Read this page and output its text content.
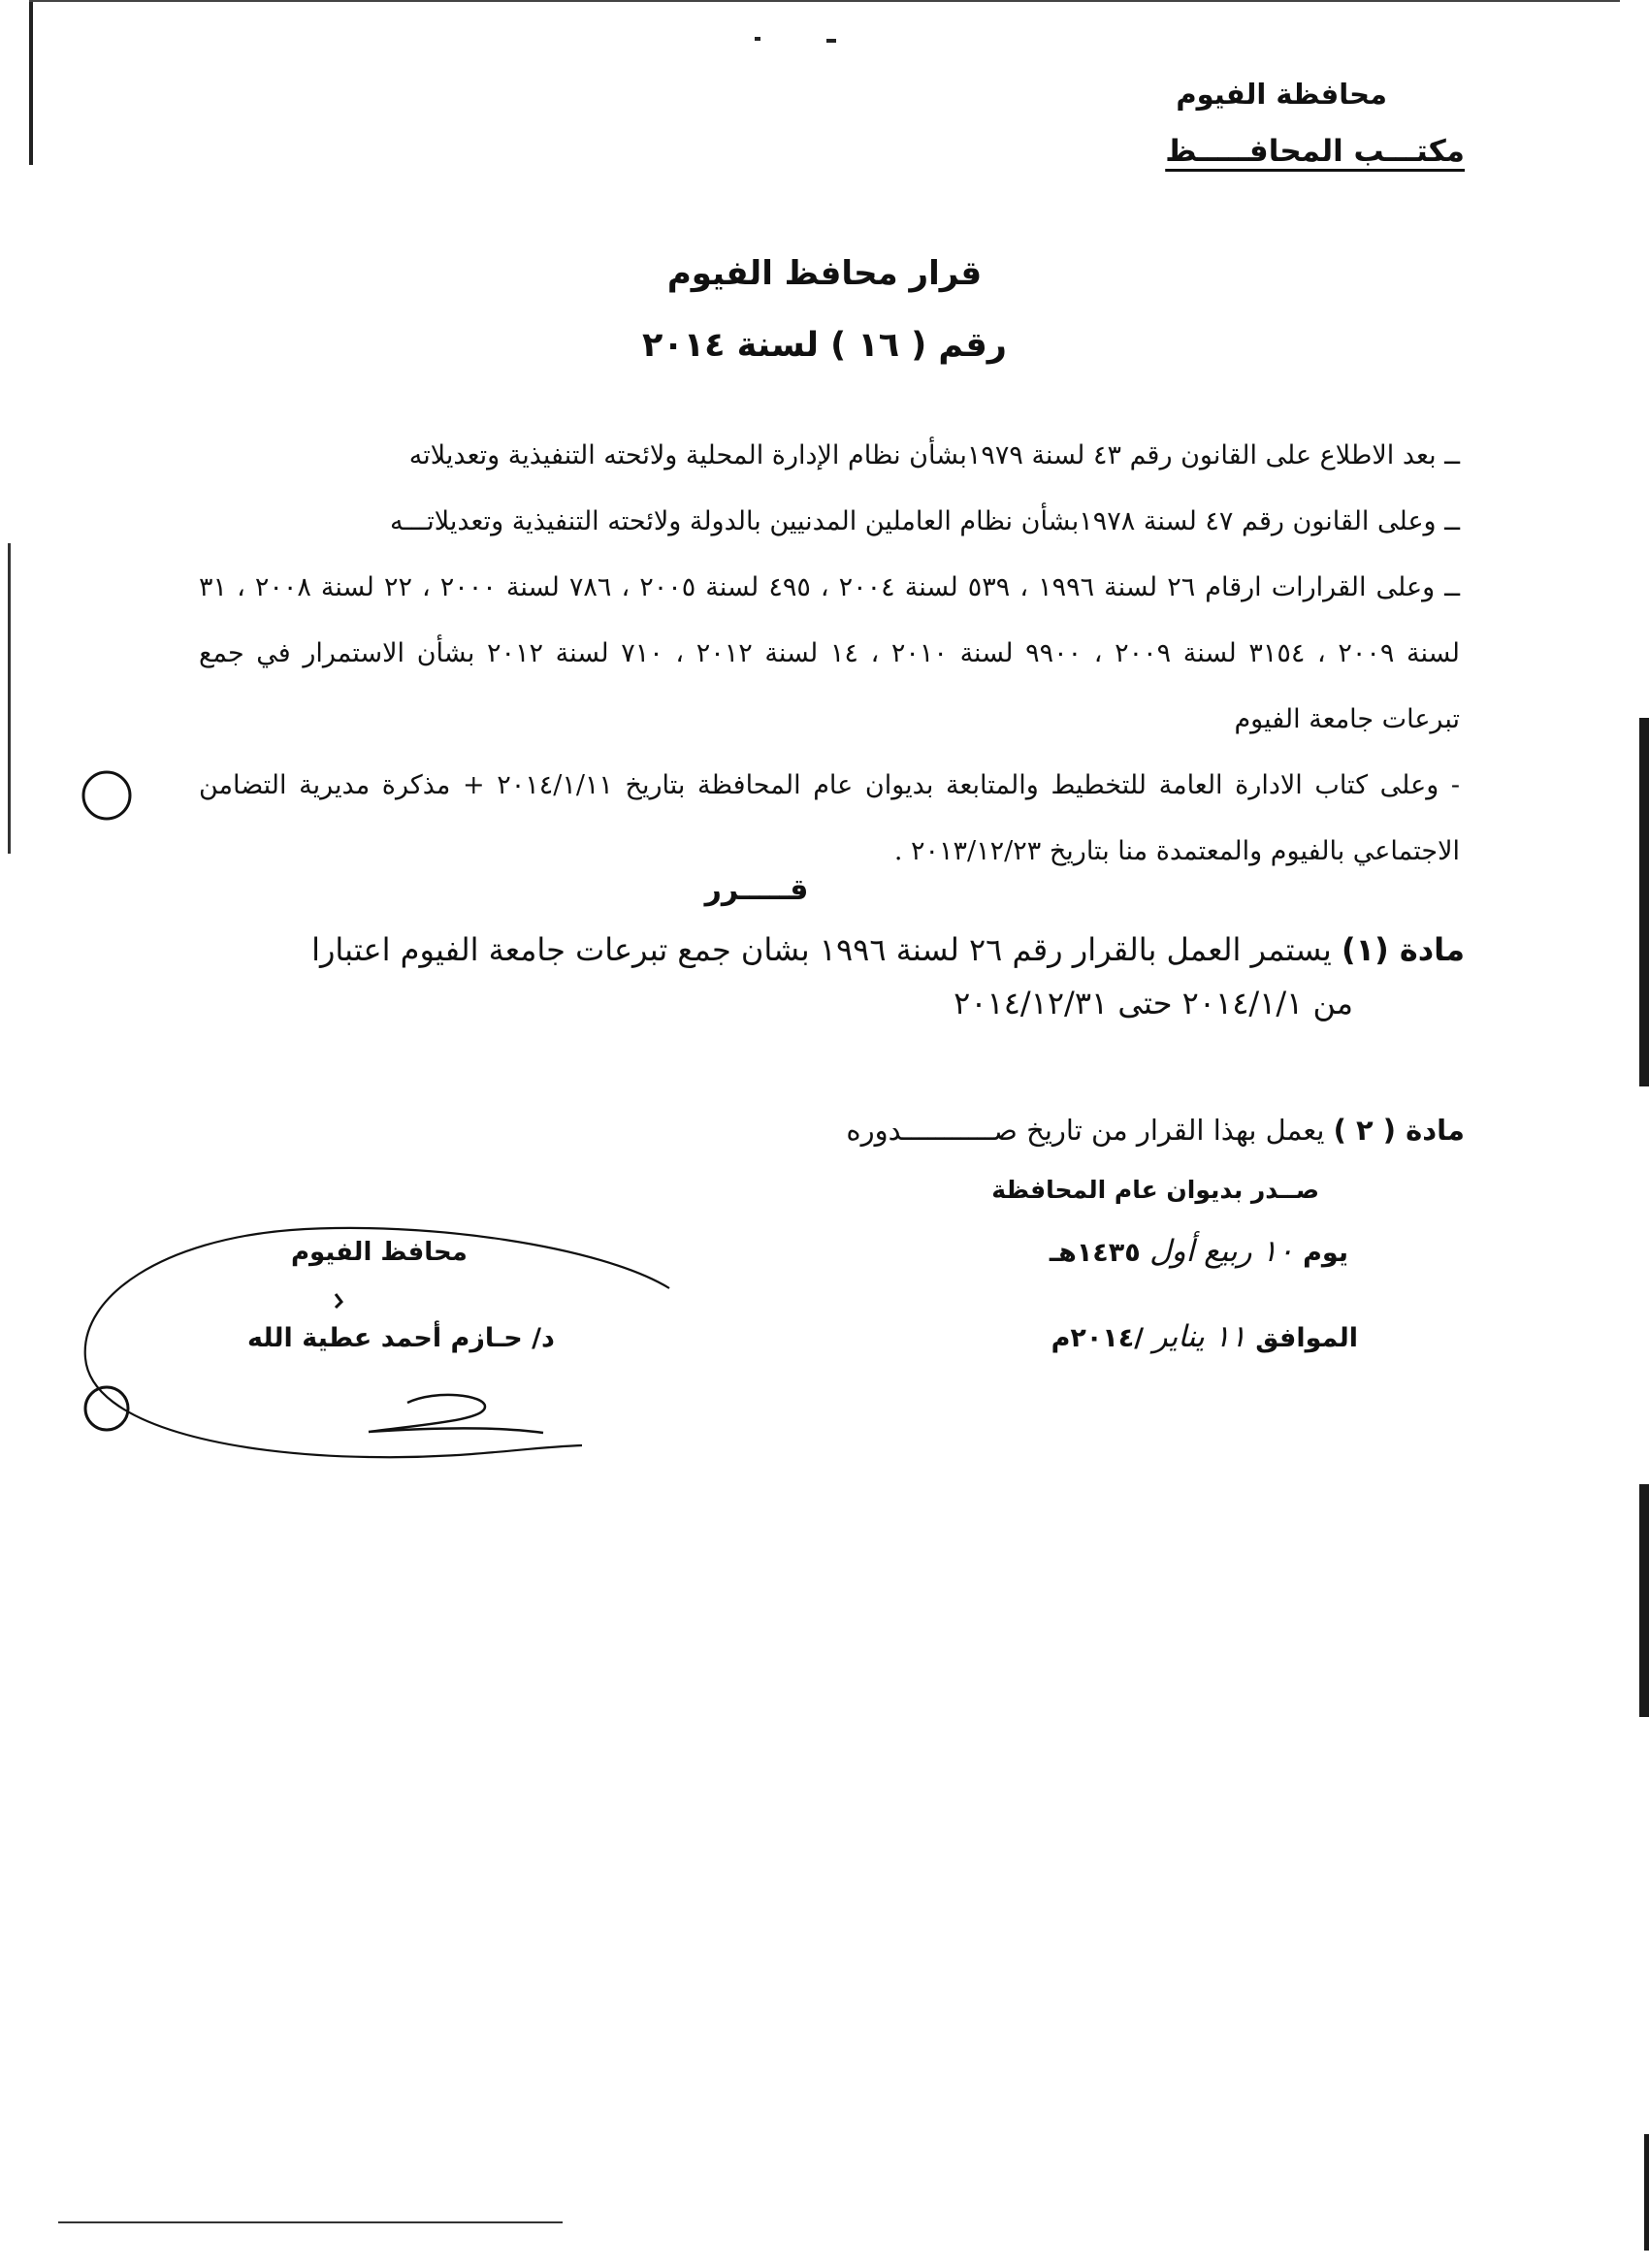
محافظة الفيوم
مكتـــب المحافـــــظ
قرار محافظ الفيوم
رقم ( ١٦ ) لسنة ٢٠١٤
ــ بعد الاطلاع على القانون رقم ٤٣ لسنة ١٩٧٩بشأن نظام الإدارة المحلية ولائحته التنفيذية وتعديلاته
ــ وعلى القانون رقم ٤٧ لسنة ١٩٧٨بشأن نظام العاملين المدنيين بالدولة ولائحته التنفيذية وتعديلاتـــه
ــ وعلى القرارات ارقام ٢٦ لسنة ١٩٩٦ ، ٥٣٩ لسنة ٢٠٠٤ ، ٤٩٥ لسنة ٢٠٠٥ ، ٧٨٦ لسنة ٢٠٠٠ ، ٢٢ لسنة ٢٠٠٨ ، ٣١ لسنة ٢٠٠٩ ، ٣١٥٤ لسنة ٢٠٠٩ ، ٩٩٠٠ لسنة ٢٠١٠ ، ١٤ لسنة ٢٠١٢ ، ٧١٠ لسنة ٢٠١٢ بشأن الاستمرار في جمع تبرعات جامعة الفيوم
- وعلى كتاب الادارة العامة للتخطيط والمتابعة بديوان عام المحافظة بتاريخ ٢٠١٤/١/١١ + مذكرة مديرية التضامن الاجتماعي بالفيوم والمعتمدة منا بتاريخ ٢٠١٣/١٢/٢٣ .
قـــــرر
مادة (١) يستمر العمل بالقرار رقم ٢٦ لسنة ١٩٩٦ بشان جمع تبرعات جامعة الفيوم اعتبارا
من ٢٠١٤/١/١ حتى ٢٠١٤/١٢/٣١
مادة ( ٢ ) يعمل بهذا القرار من تاريخ صـــــــــــدوره
صــدر بديوان عام المحافظة
يوم ١٠ ربيع أول ١٤٣٥هـ
الموافق ١١ يناير /٢٠١٤م
محافظ الفيوم
د/ حـازم أحمد عطية الله
